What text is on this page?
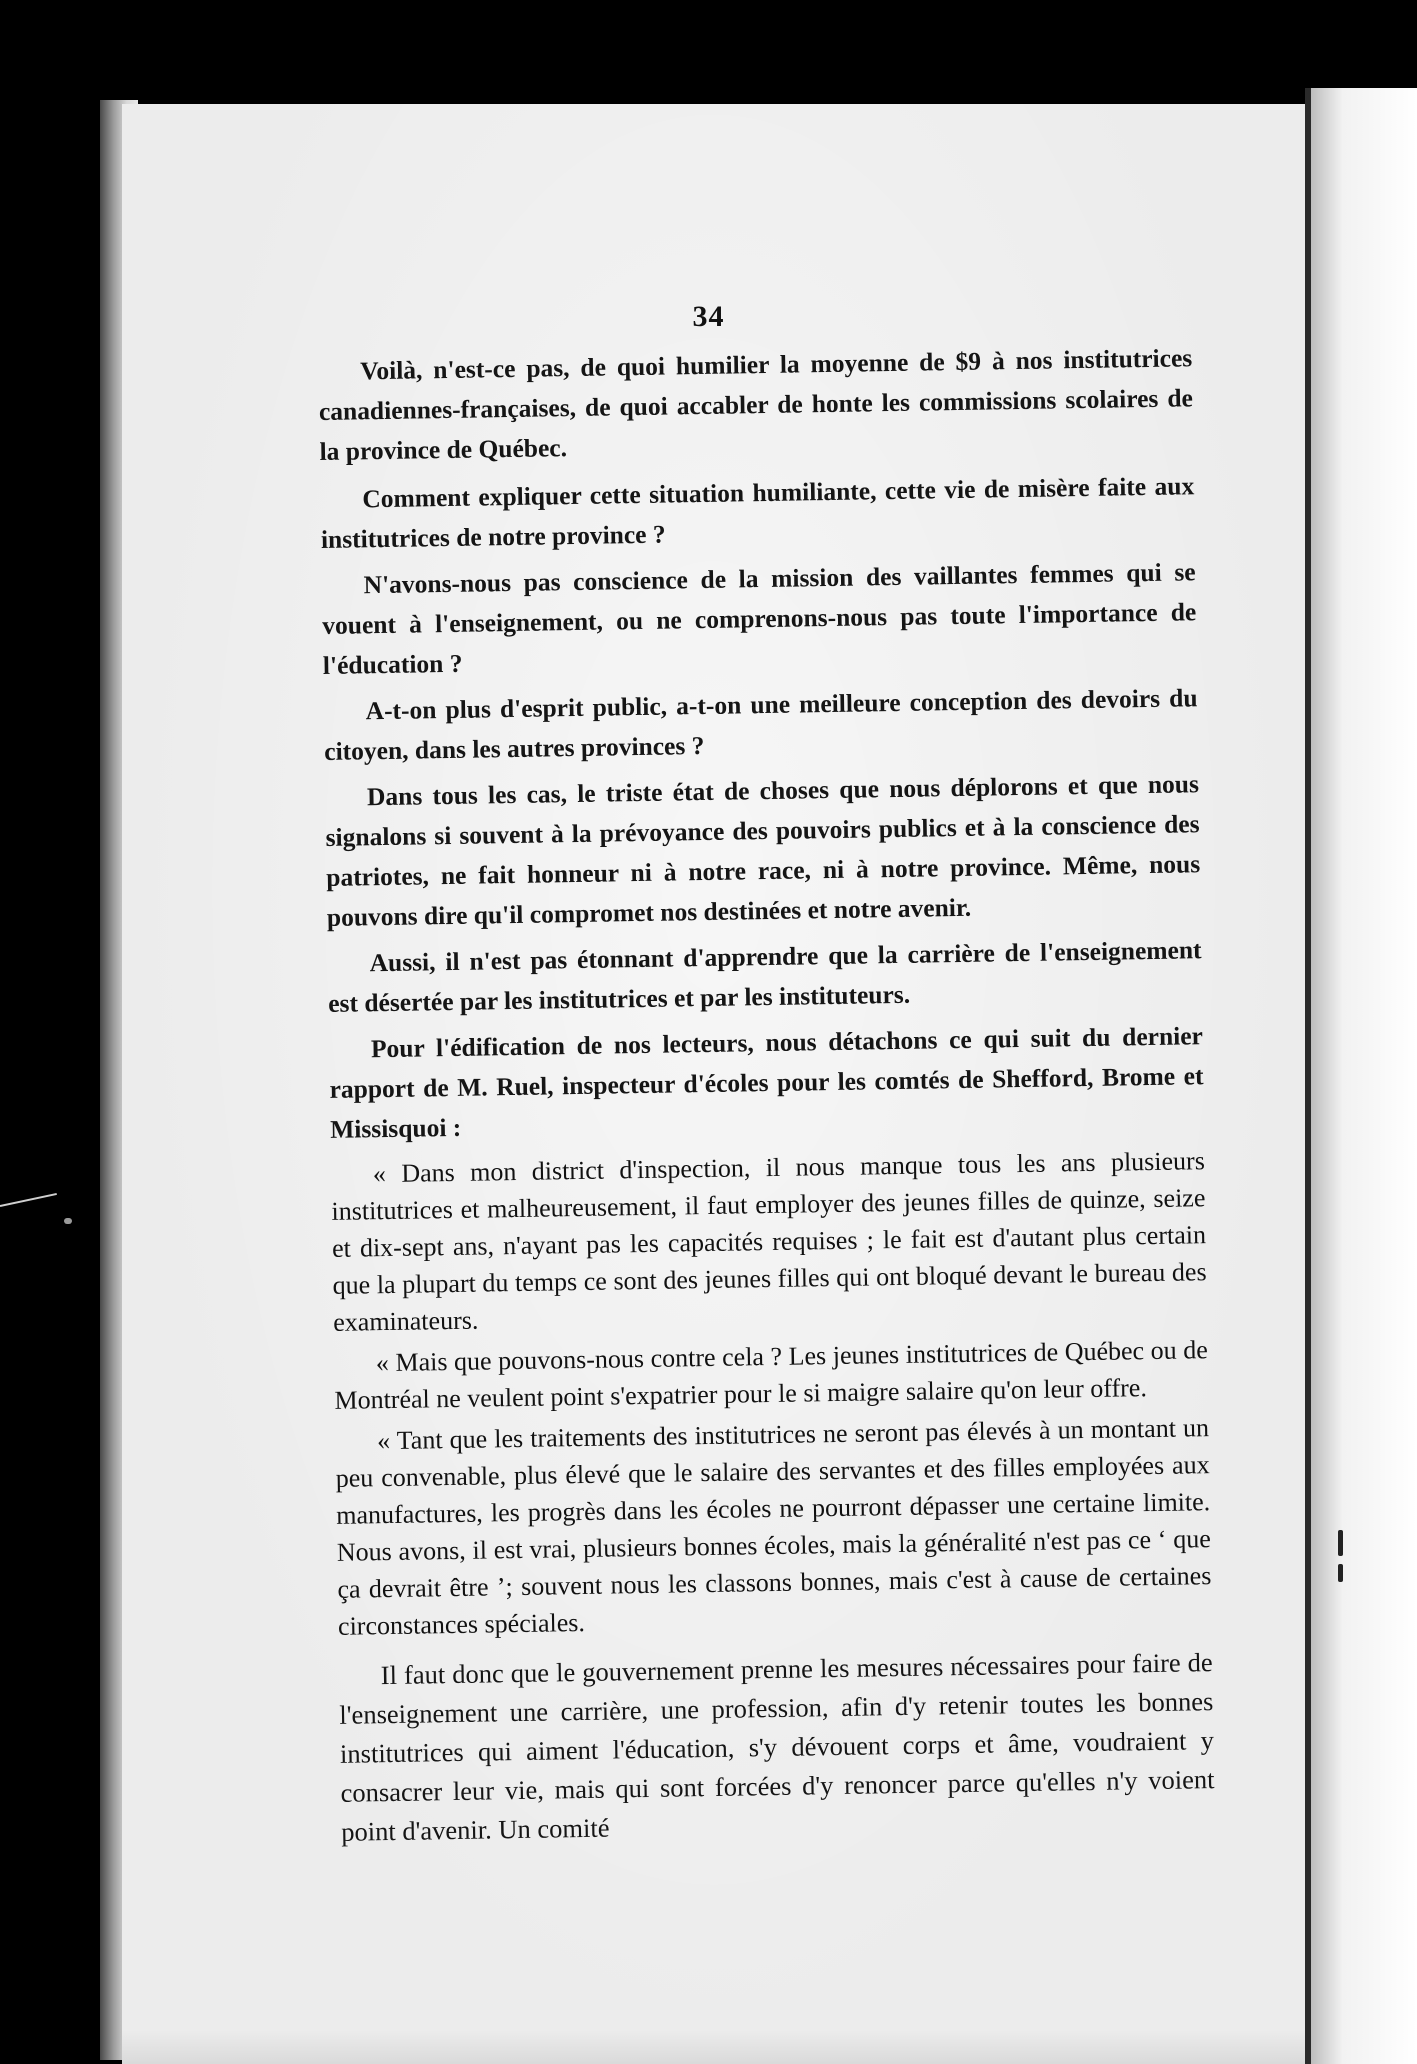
34

Voilà, n'est-ce pas, de quoi humilier la moyenne de $9 à nos institutrices canadiennes-françaises, de quoi accabler de honte les commissions scolaires de la province de Québec.

Comment expliquer cette situation humiliante, cette vie de misère faite aux institutrices de notre province ?

N'avons-nous pas conscience de la mission des vaillantes femmes qui se vouent à l'enseignement, ou ne comprenons-nous pas toute l'importance de l'éducation ?

A-t-on plus d'esprit public, a-t-on une meilleure conception des devoirs du citoyen, dans les autres provinces ?

Dans tous les cas, le triste état de choses que nous déplorons et que nous signalons si souvent à la prévoyance des pouvoirs publics et à la conscience des patriotes, ne fait honneur ni à notre race, ni à notre province. Même, nous pouvons dire qu'il compromet nos destinées et notre avenir.

Aussi, il n'est pas étonnant d'apprendre que la carrière de l'enseignement est désertée par les institutrices et par les instituteurs.

Pour l'édification de nos lecteurs, nous détachons ce qui suit du dernier rapport de M. Ruel, inspecteur d'écoles pour les comtés de Shefford, Brome et Missisquoi :

« Dans mon district d'inspection, il nous manque tous les ans plusieurs institutrices et malheureusement, il faut employer des jeunes filles de quinze, seize et dix-sept ans, n'ayant pas les capacités requises ; le fait est d'autant plus certain que la plupart du temps ce sont des jeunes filles qui ont bloqué devant le bureau des examinateurs.

« Mais que pouvons-nous contre cela ? Les jeunes institutrices de Québec ou de Montréal ne veulent point s'expatrier pour le si maigre salaire qu'on leur offre.

« Tant que les traitements des institutrices ne seront pas élevés à un montant un peu convenable, plus élevé que le salaire des servantes et des filles employées aux manufactures, les progrès dans les écoles ne pourront dépasser une certaine limite. Nous avons, il est vrai, plusieurs bonnes écoles, mais la généralité n'est pas ce ‘ que ça devrait être ’; souvent nous les classons bonnes, mais c'est à cause de certaines circonstances spéciales.

Il faut donc que le gouvernement prenne les mesures nécessaires pour faire de l'enseignement une carrière, une profession, afin d'y retenir toutes les bonnes institutrices qui aiment l'éducation, s'y dévouent corps et âme, voudraient y consacrer leur vie, mais qui sont forcées d'y renoncer parce qu'elles n'y voient point d'avenir. Un comité
